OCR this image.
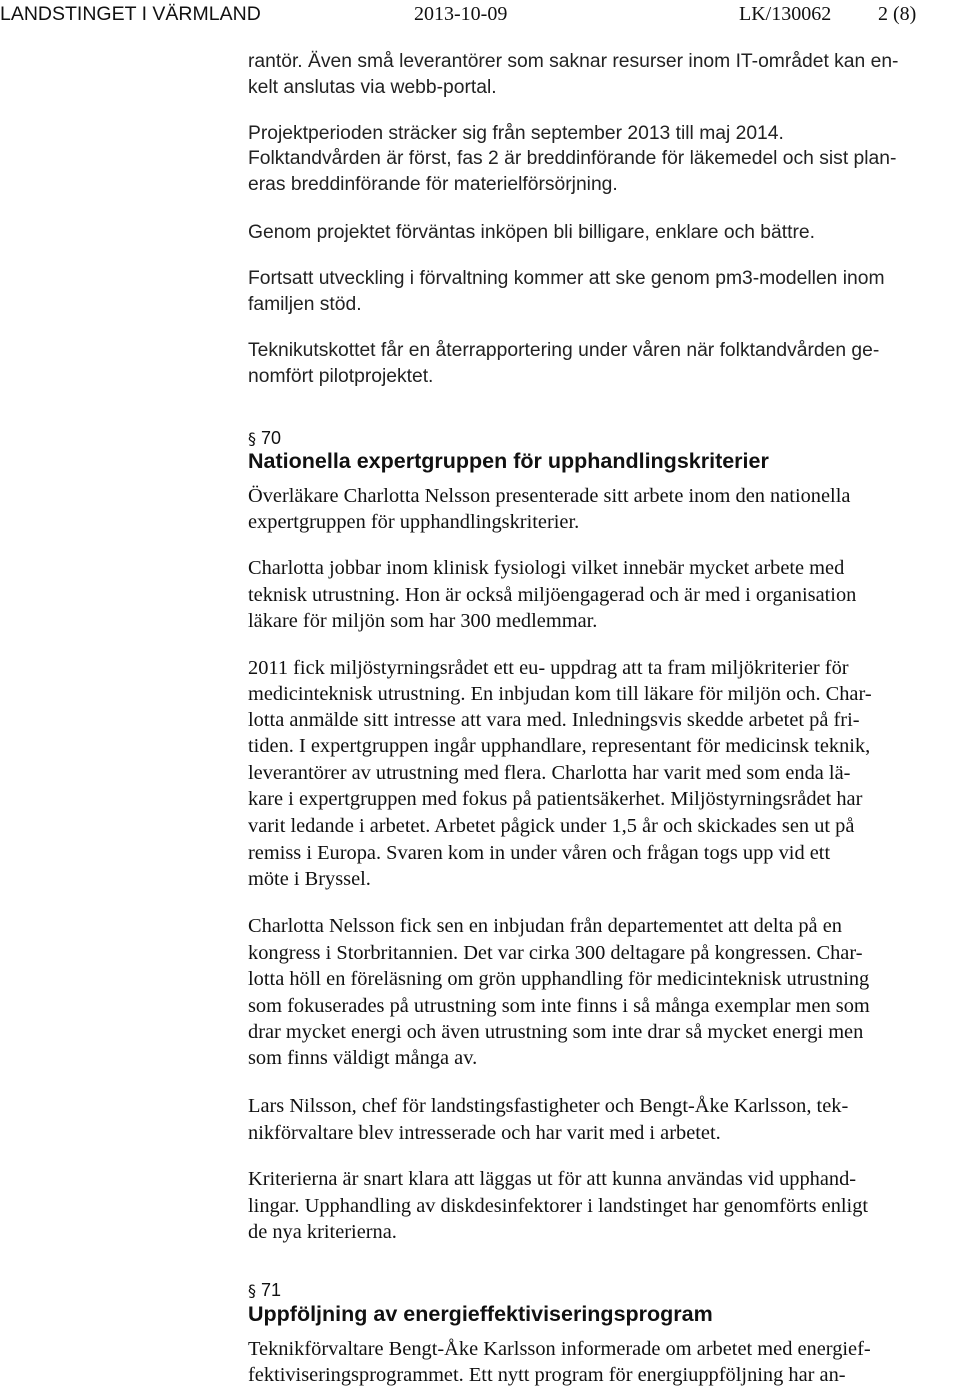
LANDSTINGET I VÄRMLAND	2013-10-09	LK/130062 2 (8)
rantör. Även små leverantörer som saknar resurser inom IT-området kan en-
kelt anslutas via webb-portal.
Projektperioden sträcker sig från september 2013 till maj 2014.
Folktandvården är först, fas 2 är breddinförande för läkemedel och sist plan-
eras breddinförande för materielförsörjning.
Genom projektet förväntas inköpen bli billigare, enklare och bättre.
Fortsatt utveckling i förvaltning kommer att ske genom pm3-modellen inom
familjen stöd.
Teknikutskottet får en återrapportering under våren när folktandvården ge-
nomfört pilotprojektet.
§ 70
Nationella expertgruppen för upphandlingskriterier
Överläkare Charlotta Nelsson presenterade sitt arbete inom den nationella
expertgruppen för upphandlingskriterier.
Charlotta jobbar inom klinisk fysiologi vilket innebär mycket arbete med
teknisk utrustning. Hon är också miljöengagerad och är med i organisation
läkare för miljön som har 300 medlemmar.
2011 fick miljöstyrningsrådet ett eu- uppdrag att ta fram miljökriterier för
medicinteknisk utrustning. En inbjudan kom till läkare för miljön och. Char-
lotta anmälde sitt intresse att vara med. Inledningsvis skedde arbetet på fri-
tiden. I expertgruppen ingår upphandlare, representant för medicinsk teknik,
leverantörer av utrustning med flera. Charlotta har varit med som enda lä-
kare i expertgruppen med fokus på patientsäkerhet. Miljöstyrningsrådet har
varit ledande i arbetet. Arbetet pågick under 1,5 år och skickades sen ut på
remiss i Europa. Svaren kom in under våren och frågan togs upp vid ett
möte i Bryssel.
Charlotta Nelsson fick sen en inbjudan från departementet att delta på en
kongress i Storbritannien. Det var cirka 300 deltagare på kongressen. Char-
lotta höll en föreläsning om grön upphandling för medicinteknisk utrustning
som fokuserades på utrustning som inte finns i så många exemplar men som
drar mycket energi och även utrustning som inte drar så mycket energi men
som finns väldigt många av.
Lars Nilsson, chef för landstingsfastigheter och Bengt-Åke Karlsson, tek-
nikförvaltare blev intresserade och har varit med i arbetet.
Kriterierna är snart klara att läggas ut för att kunna användas vid upphand-
lingar. Upphandling av diskdesinfektorer i landstinget har genomförts enligt
de nya kriterierna.
§ 71
Uppföljning av energieffektiviseringsprogram
Teknikförvaltare Bengt-Åke Karlsson informerade om arbetet med energief-
fektiviseringsprogrammet. Ett nytt program för energiuppföljning har an-
